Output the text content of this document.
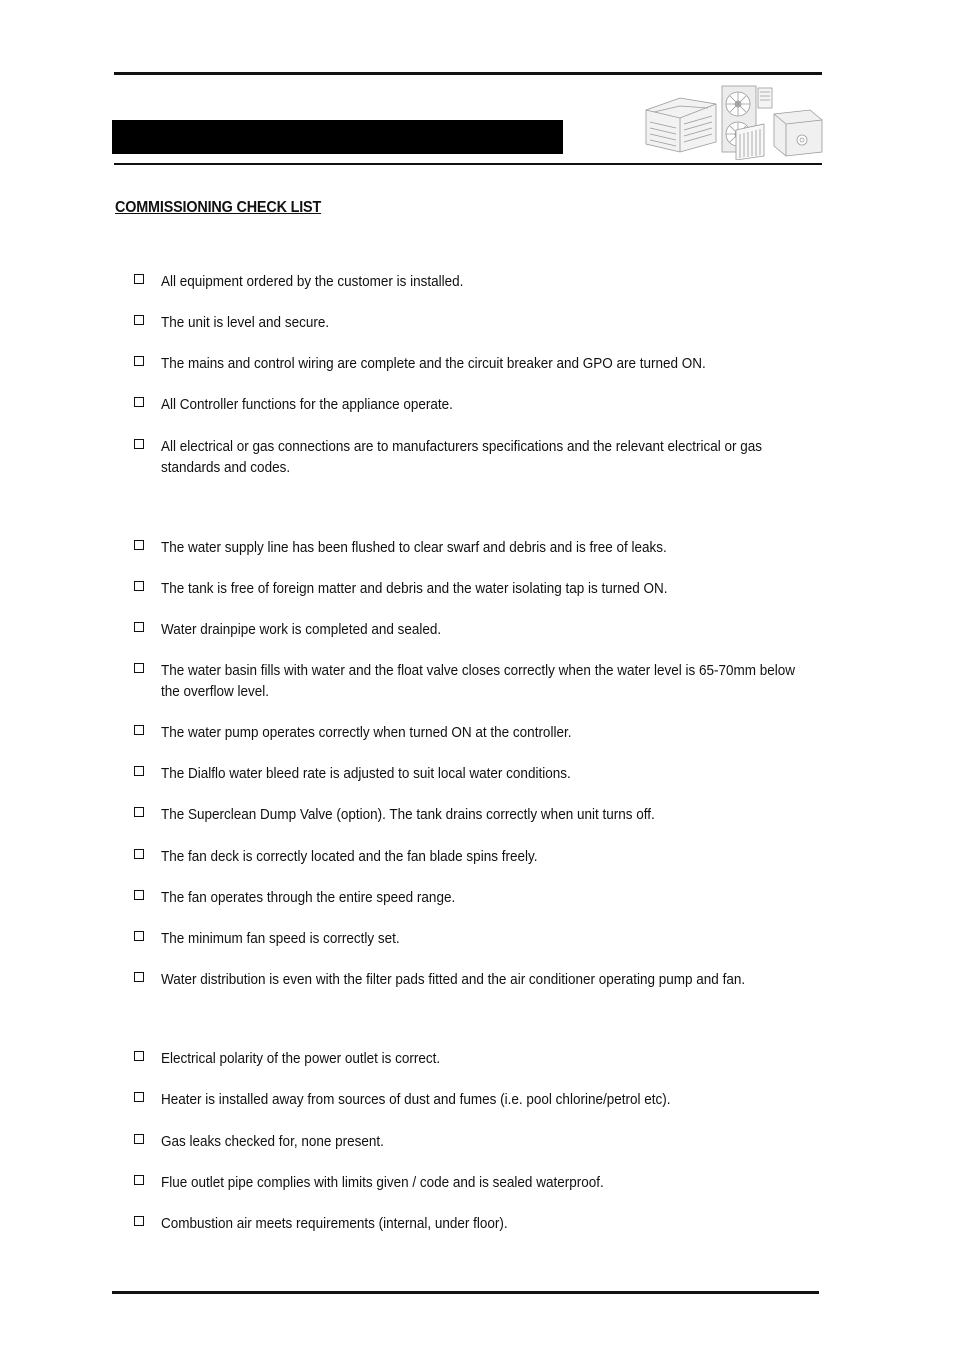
COMMISSIONING CHECK LIST
All equipment ordered by the customer is installed.
The unit is level and secure.
The mains and control wiring are complete and the circuit breaker and GPO are turned ON.
All Controller functions for the appliance operate.
All electrical or gas connections are to manufacturers specifications and the relevant electrical or gas standards and codes.
The water supply line has been flushed to clear swarf and debris and is free of leaks.
The tank is free of foreign matter and debris and the water isolating tap is turned ON.
Water drainpipe work is completed and sealed.
The water basin fills with water and the float valve closes correctly when the water level is 65-70mm below the overflow level.
The water pump operates correctly when turned ON at the controller.
The Dialflo water bleed rate is adjusted to suit local water conditions.
The Superclean Dump Valve (option). The tank drains correctly when unit turns off.
The fan deck is correctly located and the fan blade spins freely.
The fan operates through the entire speed range.
The minimum fan speed is correctly set.
Water distribution is even with the filter pads fitted and the air conditioner operating pump and fan.
Electrical polarity of the power outlet is correct.
Heater is installed away from sources of dust and fumes (i.e. pool chlorine/petrol etc).
Gas leaks checked for, none present.
Flue outlet pipe complies with limits given / code and is sealed waterproof.
Combustion air meets requirements (internal, under floor).
